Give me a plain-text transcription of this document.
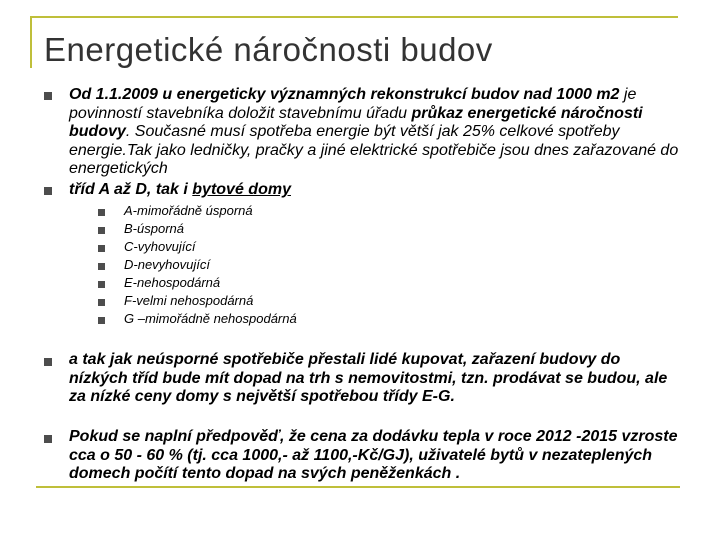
Energetické náročnosti budov

Od 1.1.2009 u energeticky významných rekonstrukcí budov nad 1000 m2 je povinností stavebníka doložit stavebnímu úřadu průkaz energetické náročnosti budovy. Současné musí spotřeba energie být větší jak 25% celkové spotřeby energie.Tak jako ledničky, pračky a jiné elektrické spotřebiče jsou dnes zařazované do energetických

tříd A až D, tak i bytové domy

A-mimořádně úsporná
B-úsporná
C-vyhovující
D-nevyhovující
E-nehospodárná
F-velmi nehospodárná
G –mimořádně nehospodárná

a tak jak neúsporné spotřebiče přestali lidé kupovat, zařazení budovy do nízkých tříd bude mít dopad na trh s nemovitostmi, tzn. prodávat se budou, ale za nízké ceny domy s největší spotřebou třídy E-G.

Pokud se naplní předpověď, že cena za dodávku tepla v roce 2012 -2015 vzroste cca o 50 - 60 % (tj. cca 1000,- až 1100,-Kč/GJ), uživatelé bytů v nezateplených domech počítí tento dopad na svých peněženkách .
